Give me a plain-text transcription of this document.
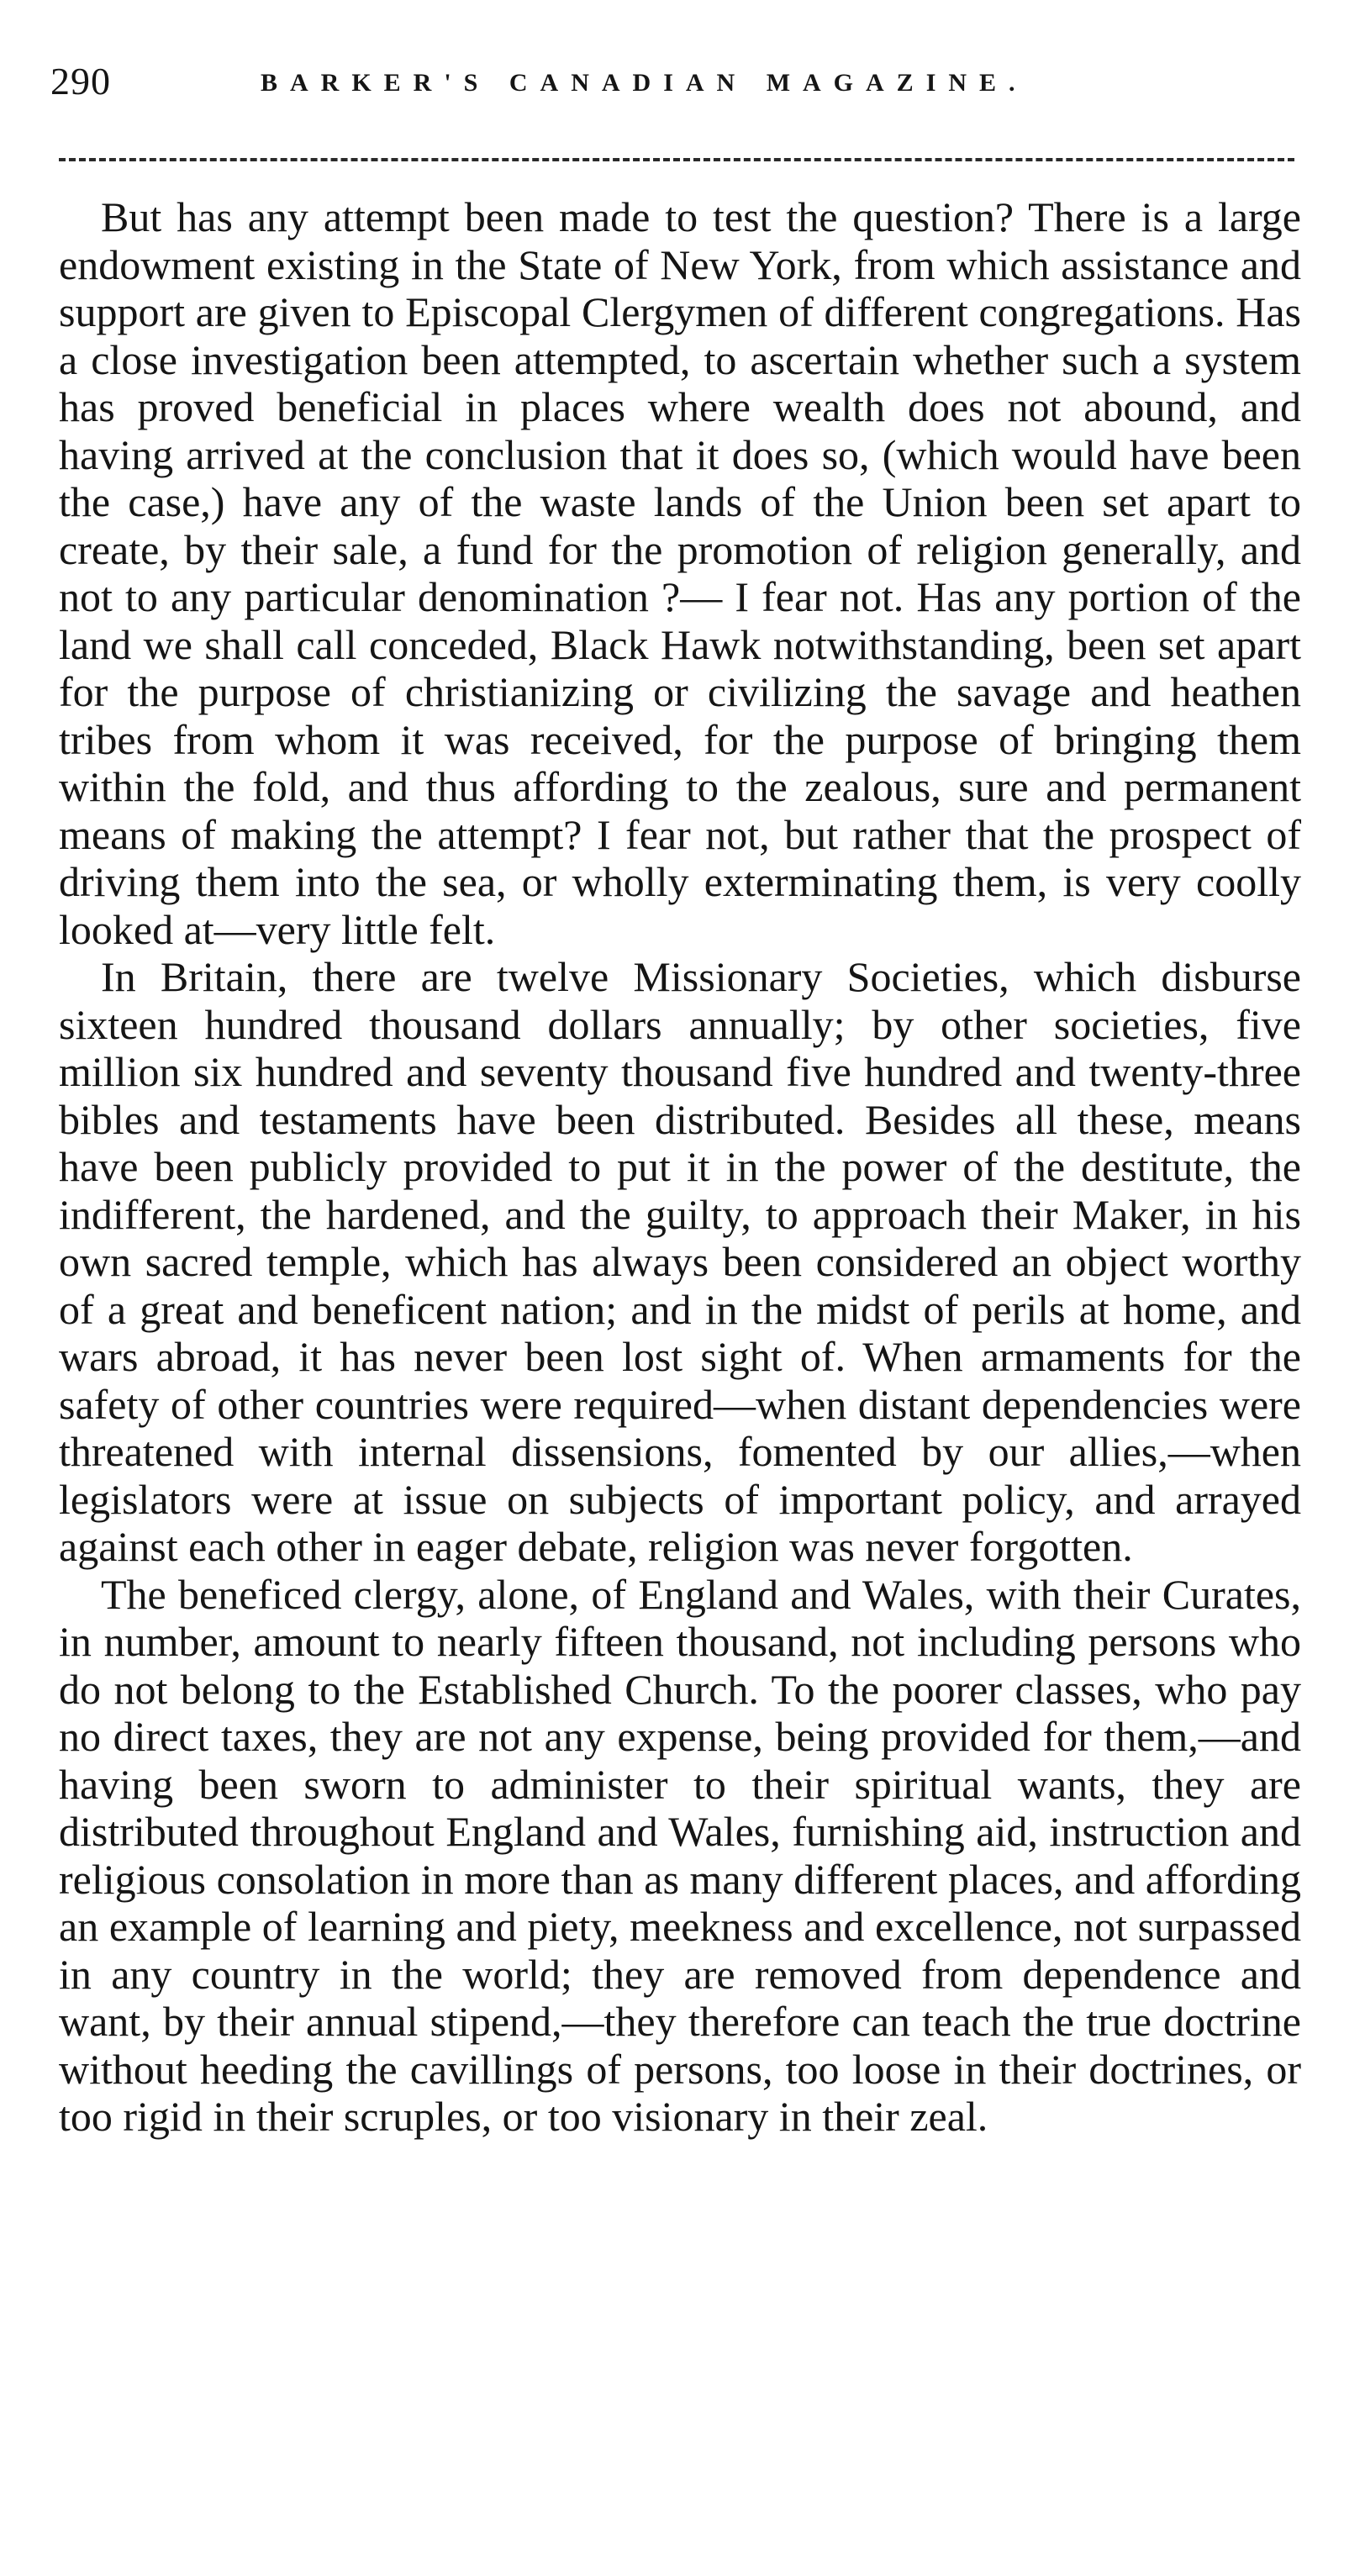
290	BARKER'S CANADIAN MAGAZINE.

But has any attempt been made to test the question? There is a large endowment existing in the State of New York, from which assistance and support are given to Episcopal Clergymen of different congregations. Has a close investigation been attempted, to ascertain whether such a system has proved beneficial in places where wealth does not abound, and having arrived at the conclusion that it does so, (which would have been the case,) have any of the waste lands of the Union been set apart to create, by their sale, a fund for the promotion of religion generally, and not to any particular denomination ?— I fear not. Has any portion of the land we shall call conceded, Black Hawk notwithstanding, been set apart for the purpose of christianizing or civilizing the savage and heathen tribes from whom it was received, for the purpose of bringing them within the fold, and thus affording to the zealous, sure and permanent means of making the attempt? I fear not, but rather that the prospect of driving them into the sea, or wholly exterminating them, is very coolly looked at—very little felt.

In Britain, there are twelve Missionary Societies, which disburse sixteen hundred thousand dollars annually; by other societies, five million six hundred and seventy thousand five hundred and twenty-three bibles and testaments have been distributed. Besides all these, means have been publicly provided to put it in the power of the destitute, the indifferent, the hardened, and the guilty, to approach their Maker, in his own sacred temple, which has always been considered an object worthy of a great and beneficent nation; and in the midst of perils at home, and wars abroad, it has never been lost sight of. When armaments for the safety of other countries were required—when distant dependencies were threatened with internal dissensions, fomented by our allies,—when legislators were at issue on subjects of important policy, and arrayed against each other in eager debate, religion was never forgotten.

The beneficed clergy, alone, of England and Wales, with their Curates, in number, amount to nearly fifteen thousand, not including persons who do not belong to the Established Church. To the poorer classes, who pay no direct taxes, they are not any expense, being provided for them,—and having been sworn to administer to their spiritual wants, they are distributed throughout England and Wales, furnishing aid, instruction and religious consolation in more than as many different places, and affording an example of learning and piety, meekness and excellence, not surpassed in any country in the world; they are removed from dependence and want, by their annual stipend,—they therefore can teach the true doctrine without heeding the cavillings of persons, too loose in their doctrines, or too rigid in their scruples, or too visionary in their zeal.
